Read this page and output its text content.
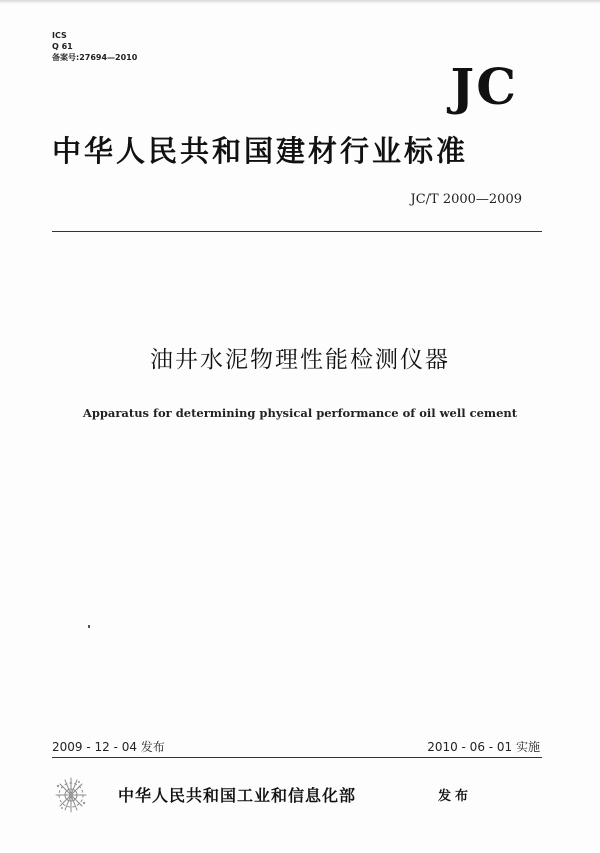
ICS
Q 61
备案号:27694—2010	JC
中华人民共和国建材行业标准
JC/T 2000—2009
油井水泥物理性能检测仪器
Apparatus for determining physical performance of oil well cement
2009 - 12 - 04 发布	2010 - 06 - 01 实施
中华人民共和国工业和信息化部	发布
